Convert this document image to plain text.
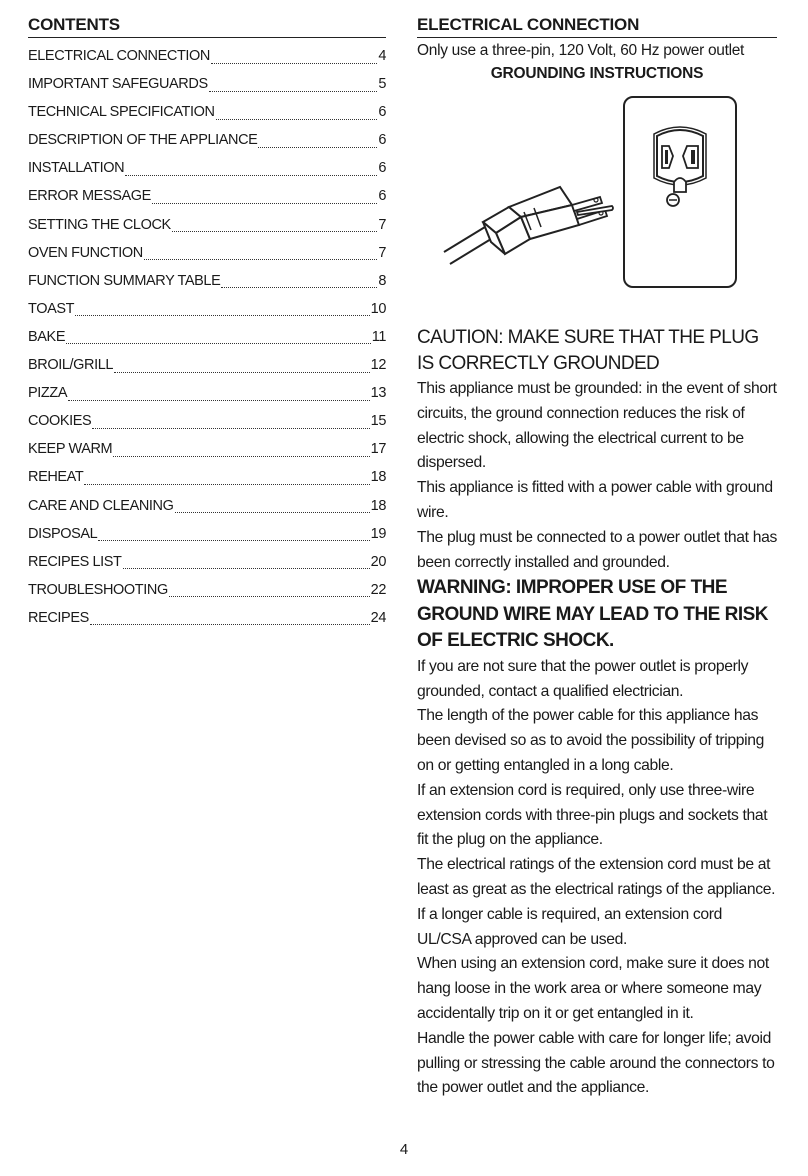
CONTENTS
ELECTRICAL CONNECTION	4
IMPORTANT SAFEGUARDS	5
TECHNICAL SPECIFICATION	6
DESCRIPTION OF THE APPLIANCE	6
INSTALLATION	6
ERROR MESSAGE	6
SETTING THE CLOCK	7
OVEN FUNCTION	7
FUNCTION SUMMARY TABLE	8
TOAST	10
BAKE	11
BROIL/GRILL	12
PIZZA	13
COOKIES	15
KEEP WARM	17
REHEAT	18
CARE AND CLEANING	18
DISPOSAL	19
RECIPES LIST	20
TROUBLESHOOTING	22
RECIPES	24
ELECTRICAL CONNECTION
Only use a three-pin, 120 Volt, 60 Hz power outlet
GROUNDING INSTRUCTIONS
CAUTION: MAKE SURE THAT THE PLUG IS CORRECTLY GROUNDED
This appliance must be grounded: in the event of short circuits, the ground connection reduces the risk of electric shock, allowing the electrical current to be dispersed.
This appliance is fitted with a power cable with ground wire.
The plug must be connected to a power outlet that has been correctly installed and grounded.
WARNING: IMPROPER USE OF THE GROUND WIRE MAY LEAD TO THE RISK OF ELECTRIC SHOCK.
If you are not sure that the power outlet is properly grounded, contact a qualified electrician.
The length of the power cable for this appliance has been devised so as to avoid the possibility of tripping on or getting entangled in a long cable.
If an extension cord is required, only use three-wire extension cords with three-pin plugs and sockets that fit the plug on the appliance.
The electrical ratings of the extension cord must be at least as great as the electrical ratings of the appliance.
If a longer cable is required, an extension cord UL/CSA approved can be used.
When using an extension cord, make sure it does not hang loose in the work area or where someone may accidentally trip on it or get entangled in it.
Handle the power cable with care for longer life; avoid pulling or stressing the cable around the connectors to the power outlet and the appliance.
4
